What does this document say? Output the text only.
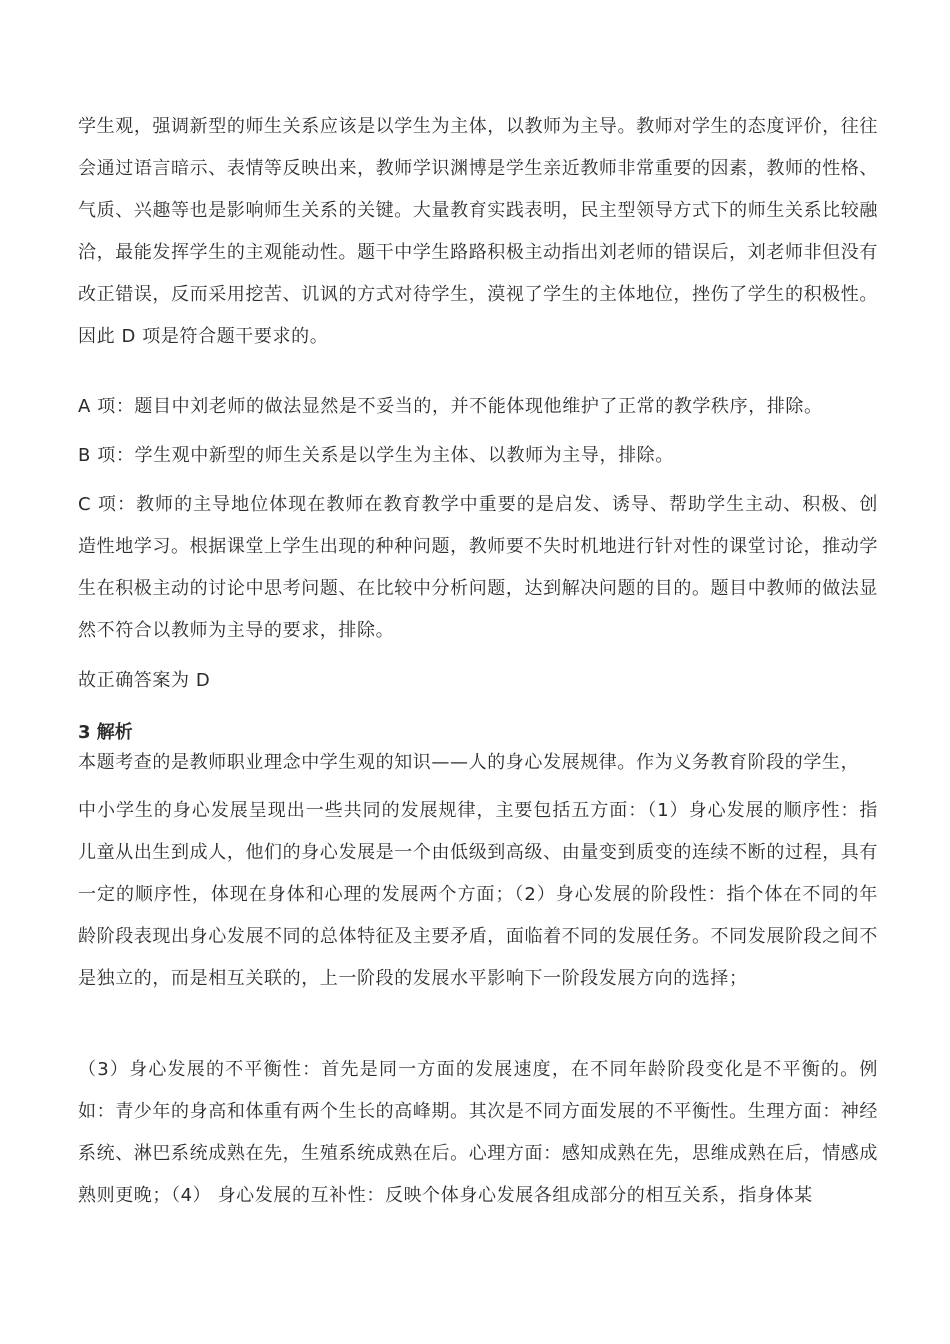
学生观，强调新型的师生关系应该是以学生为主体，以教师为主导。教师对学生的态度评价，往往会通过语言暗示、表情等反映出来，教师学识渊博是学生亲近教师非常重要的因素，教师的性格、气质、兴趣等也是影响师生关系的关键。大量教育实践表明，民主型领导方式下的师生关系比较融洽，最能发挥学生的主观能动性。题干中学生路路积极主动指出刘老师的错误后，刘老师非但没有改正错误，反而采用挖苦、讥讽的方式对待学生，漠视了学生的主体地位，挫伤了学生的积极性。因此 D 项是符合题干要求的。

A 项：题目中刘老师的做法显然是不妥当的，并不能体现他维护了正常的教学秩序，排除。

B 项：学生观中新型的师生关系是以学生为主体、以教师为主导，排除。

C 项：教师的主导地位体现在教师在教育教学中重要的是启发、诱导、帮助学生主动、积极、创造性地学习。根据课堂上学生出现的种种问题，教师要不失时机地进行针对性的课堂讨论，推动学生在积极主动的讨论中思考问题、在比较中分析问题，达到解决问题的目的。题目中教师的做法显然不符合以教师为主导的要求，排除。

故正确答案为 D

3 解析

本题考查的是教师职业理念中学生观的知识——人的身心发展规律。作为义务教育阶段的学生，

中小学生的身心发展呈现出一些共同的发展规律，主要包括五方面：（1）身心发展的顺序性：指儿童从出生到成人，他们的身心发展是一个由低级到高级、由量变到质变的连续不断的过程，具有一定的顺序性，体现在身体和心理的发展两个方面；（2）身心发展的阶段性：指个体在不同的年龄阶段表现出身心发展不同的总体特征及主要矛盾，面临着不同的发展任务。不同发展阶段之间不是独立的，而是相互关联的，上一阶段的发展水平影响下一阶段发展方向的选择；

（3）身心发展的不平衡性：首先是同一方面的发展速度，在不同年龄阶段变化是不平衡的。例如：青少年的身高和体重有两个生长的高峰期。其次是不同方面发展的不平衡性。生理方面：神经系统、淋巴系统成熟在先，生殖系统成熟在后。心理方面：感知成熟在先，思维成熟在后，情感成熟则更晚；（4） 身心发展的互补性：反映个体身心发展各组成部分的相互关系，指身体某
